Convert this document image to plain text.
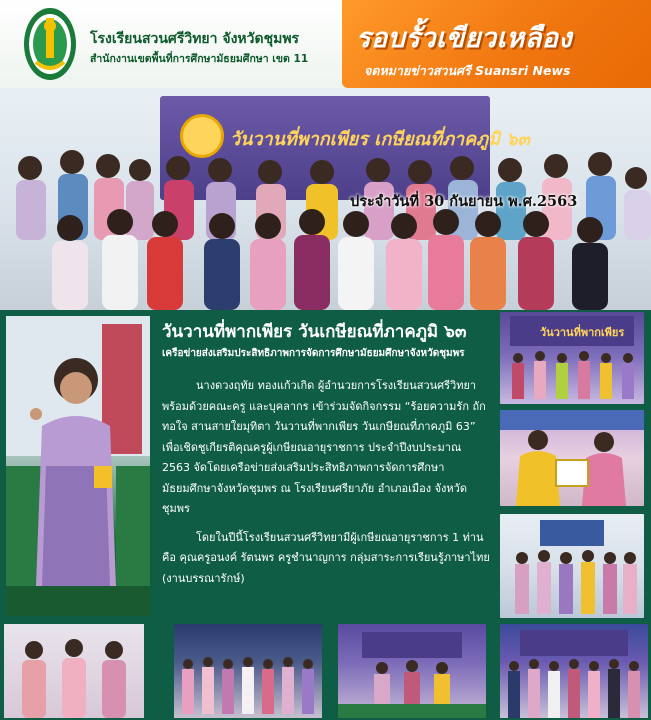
โรงเรียนสวนศรีวิทยา จังหวัดชุมพร
สำนักงานเขตพื้นที่การศึกษามัธยมศึกษา เขต 11
รอบรั้วเขียวเหลือง
จดหมายข่าวสวนศรี Suansri News
วันวานที่พากเพียร เกษียณที่ภาคภูมิ ๖๓
ประจำวันที่ 30 กันยายน พ.ศ.2563
วันวานที่พากเพียร วันเกษียณที่ภาคภูมิ ๖๓
เครือข่ายส่งเสริมประสิทธิภาพการจัดการศึกษามัธยมศึกษาจังหวัดชุมพร

นางดวงฤทัย ทองแก้วเกิด ผู้อำนวยการโรงเรียนสวนศรีวิทยา พร้อมด้วยคณะครู และบุคลากร เข้าร่วมจัดกิจกรรม “ร้อยความรัก ถักทอใจ สานสายใยมุทิตา วันวานที่พากเพียร วันเกษียณที่ภาคภูมิ 63” เพื่อเชิดชูเกียรติคุณครูผู้เกษียณอายุราชการ ประจำปีงบประมาณ 2563 จัดโดยเครือข่ายส่งเสริมประสิทธิภาพการจัดการศึกษามัธยมศึกษาจังหวัดชุมพร ณ โรงเรียนศรียาภัย อำเภอเมือง จังหวัดชุมพร

โดยในปีนี้โรงเรียนสวนศรีวิทยามีผู้เกษียณอายุราชการ 1 ท่าน คือ คุณครูอนงค์ รัตนพร ครูชำนาญการ กลุ่มสาระการเรียนรู้ภาษาไทย (งานบรรณารักษ์)

วันวานที่พากเพียร
